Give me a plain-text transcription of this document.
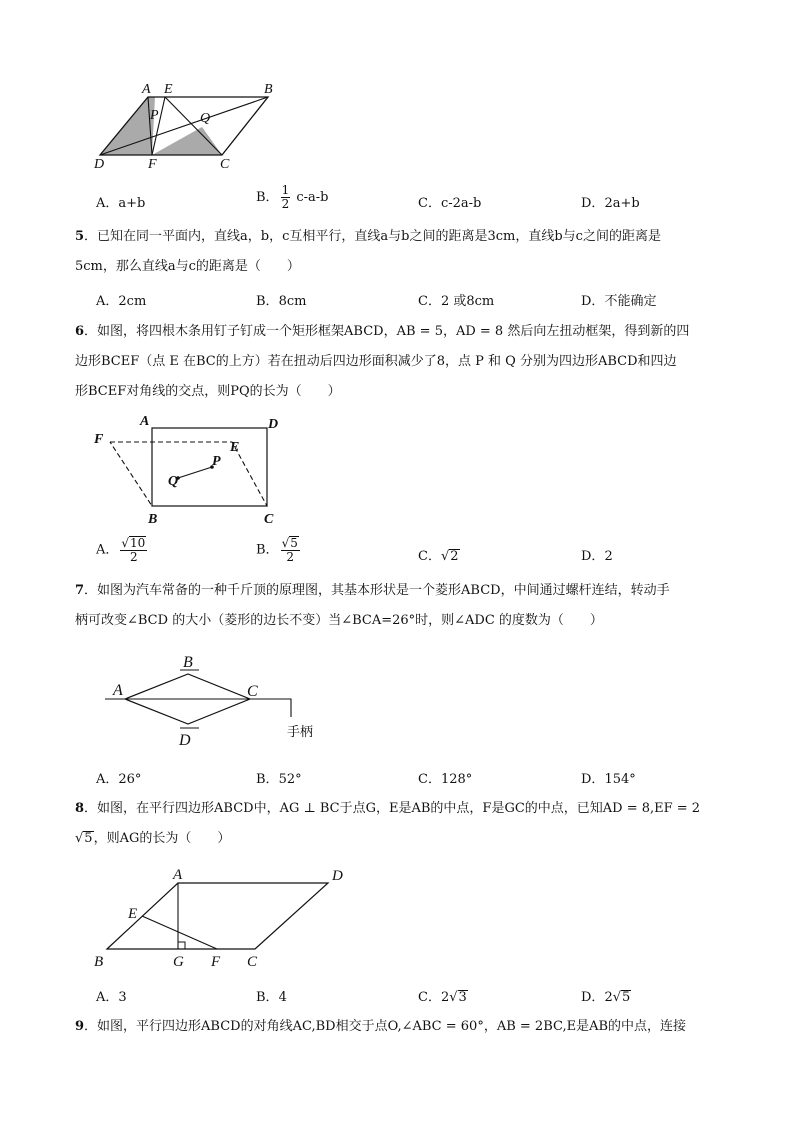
A E	B
P	Q
D	F	C
A．a+b	B． $\frac{1}{2} c-a-b$	C．c-2a-b	D．2a+b
5．已知在同一平面内，直线a，b，c互相平行，直线a与b之间的距离是3cm，直线b与c之间的距离是
5cm，那么直线a与c的距离是（　　）
A．2cm	B．8cm	C．2 或8cm	D．不能确定
6．如图，将四根木条用钉子钉成一个矩形框架ABCD，AB = 5，AD = 8 然后向左扭动框架，得到新的四
边形BCEF（点 E 在BC的上方）若在扭动后四边形面积减少了8，点 P 和 Q 分别为四边形ABCD和四边
形BCEF对角线的交点，则PQ的长为（　　）
A	D
F
E
P
Q
B	C
A． $\frac{√10}{2}$	B． $\frac{√5}{2}$	C．√2	D．2
7．如图为汽车常备的一种千斤顶的原理图，其基本形状是一个菱形ABCD，中间通过螺杆连结，转动手
柄可改变∠BCD 的大小（菱形的边长不变）当∠BCA=26°时，则∠ADC 的度数为（　　）
A
B
C
D	手柄
A．26°	B．52°	C．128°	D．154°
8．如图，在平行四边形ABCD中，AG ⊥ BC于点G，E是AB的中点，F是GC的中点，已知AD = 8,EF = 2
√5，则AG的长为（　　）
A	D
E
B	G F C
A．3	B．4	C．2√3	D．2√5
9．如图，平行四边形ABCD的对角线AC,BD相交于点O,∠ABC = 60°，AB = 2BC,E是AB的中点，连接
